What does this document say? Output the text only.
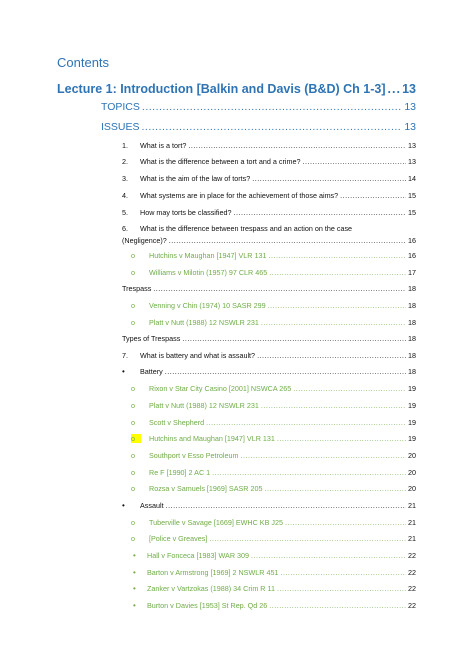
Contents
Lecture 1: Introduction [Balkin and Davis (B&D) Ch 1-3] ..... 13
TOPICS .....	13
ISSUES .....	13
1.	What is a tort? .....	13
2.	What is the difference between a tort and a crime? .....	13
3.	What is the aim of the law of torts? .....	14
4.	What systems are in place for the achievement of those aims? .....	15
5.	How may torts be classified? .....	15
6.	What is the difference between trespass and an action on the case
(Negligence)? .....	16
o	Hutchins v Maughan [1947] VLR 131 .....	16
o	Williams v Milotin (1957) 97 CLR 465 .....	17
Trespass .....	18
o	Venning v Chin (1974) 10 SASR 299 .....	18
o	Platt v Nutt (1988) 12 NSWLR 231 .....	18
Types of Trespass .....	18
7.	What is battery and what is assault? .....	18
•	Battery .....	18
o	Rixon v Star City Casino [2001] NSWCA 265 .....	19
o	Platt v Nutt (1988) 12 NSWLR 231 .....	19
o	Scott v Shepherd .....	19
o	Hutchins and Maughan [1947] VLR 131 .....	19
o	Southport v Esso Petroleum .....	20
o	Re F [1990] 2 AC 1 .....	20
o	Rozsa v Samuels [1969] SASR 205 .....	20
•	Assault .....	21
o	Tuberville v Savage [1669] EWHC KB J25 .....	21
o	[Police v Greaves] .....	21
•	Hall v Fonceca [1983] WAR 309 .....	22
•	Barton v Armstrong [1969] 2 NSWLR 451 .....	22
•	Zanker v Vartzokas (1988) 34 Crim R 11 .....	22
•	Burton v Davies [1953] St Rep. Qd 26 .....	22
